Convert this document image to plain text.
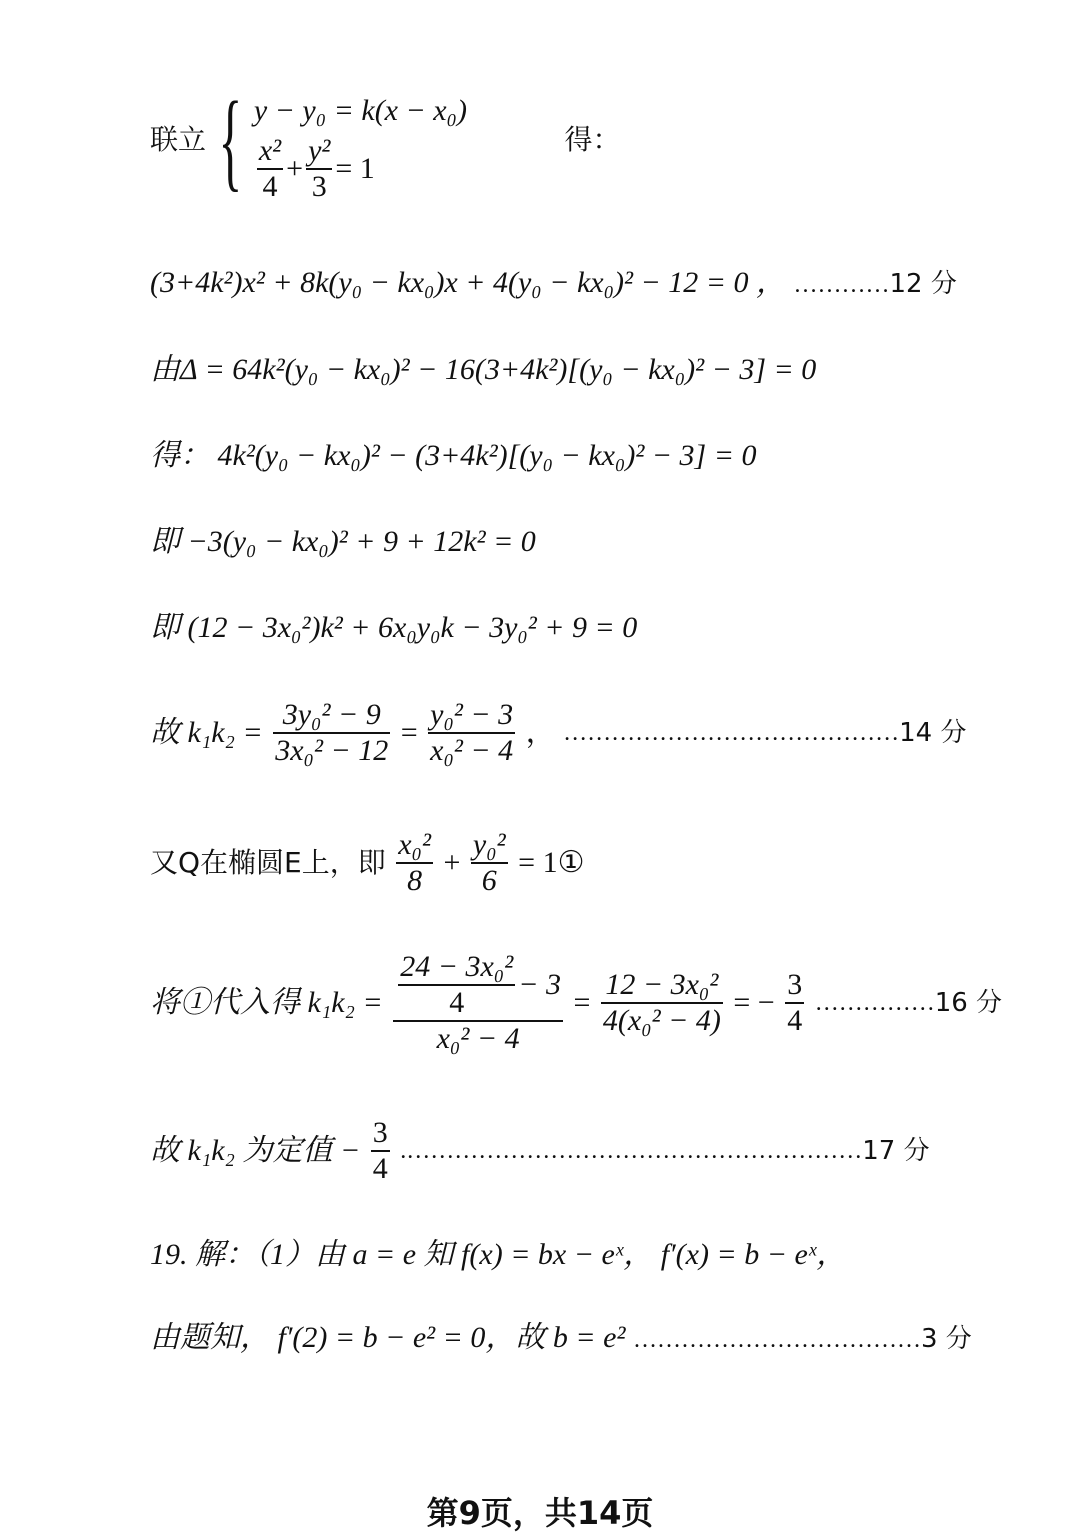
联立 { y − y₀ = k(x − x₀)
$\frac{\text{x²}}{4} + \frac{\text{y²}}{3} = 1$
得：
(3+4k²)x² + 8k(y₀ − kx₀)x + 4(y₀ − kx₀)² − 12 = 0 ， …………12 分
由Δ = 64k²(y₀ − kx₀)² − 16(3+4k²)[(y₀ − kx₀)² − 3] = 0
得： 4k²(y₀ − kx₀)² − (3+4k²)[(y₀ − kx₀)² − 3] = 0
即 −3(y₀ − kx₀)² + 9 + 12k² = 0
即 (12 − 3x₀²)k² + 6x₀y₀k − 3y₀² + 9 = 0
故 $k_1k_2 = \frac{\text{3y₀² − 9}}{\text{3x₀² − 12}} = \frac{\text{y₀² − 3}}{\text{x₀² − 4}}$ ， ……………………………………14 分
又Q在椭圆E上，即 $\frac{\text{x₀²}}{8} + \frac{\text{y₀²}}{6}$ = 1①
将①代入得 $k_1k_2 = \frac{\frac{\text{24 − 3x₀²}}{4} - 3}{\text{x₀² − 4}} = \frac{\text{12 − 3x₀²}}{\text{4(x₀² − 4)}}$ = − $\frac{3}{4}$ ……………16 分
故 k₁k₂ 为定值 − $\frac{3}{4}$ .…………………………………………………17 分
19. 解：（1）由 a = e 知 f(x) = bx − eˣ， f′(x) = b − eˣ，
由题知， f′(2) = b − e² = 0，故 b = e² ………………………………3 分
第9页，共14页
